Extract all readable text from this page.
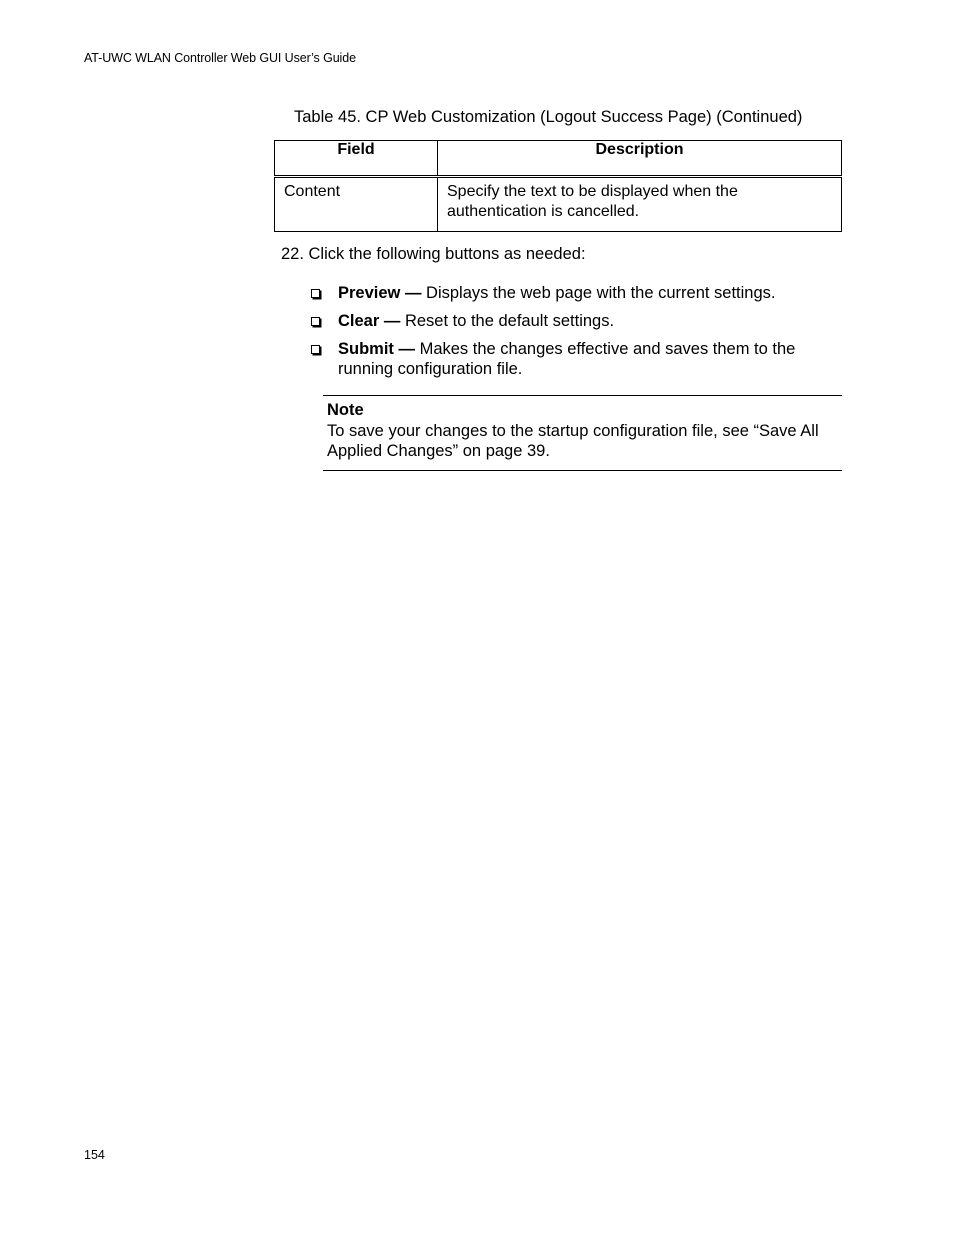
AT-UWC WLAN Controller Web GUI User’s Guide
Table 45. CP Web Customization (Logout Success Page) (Continued)
Field	Description
Content	Specify the text to be displayed when the authentication is cancelled.
22. Click the following buttons as needed:
Preview — Displays the web page with the current settings.
Clear — Reset to the default settings.
Submit — Makes the changes effective and saves them to the running configuration file.
Note
To save your changes to the startup configuration file, see “Save All Applied Changes” on page 39.
154
